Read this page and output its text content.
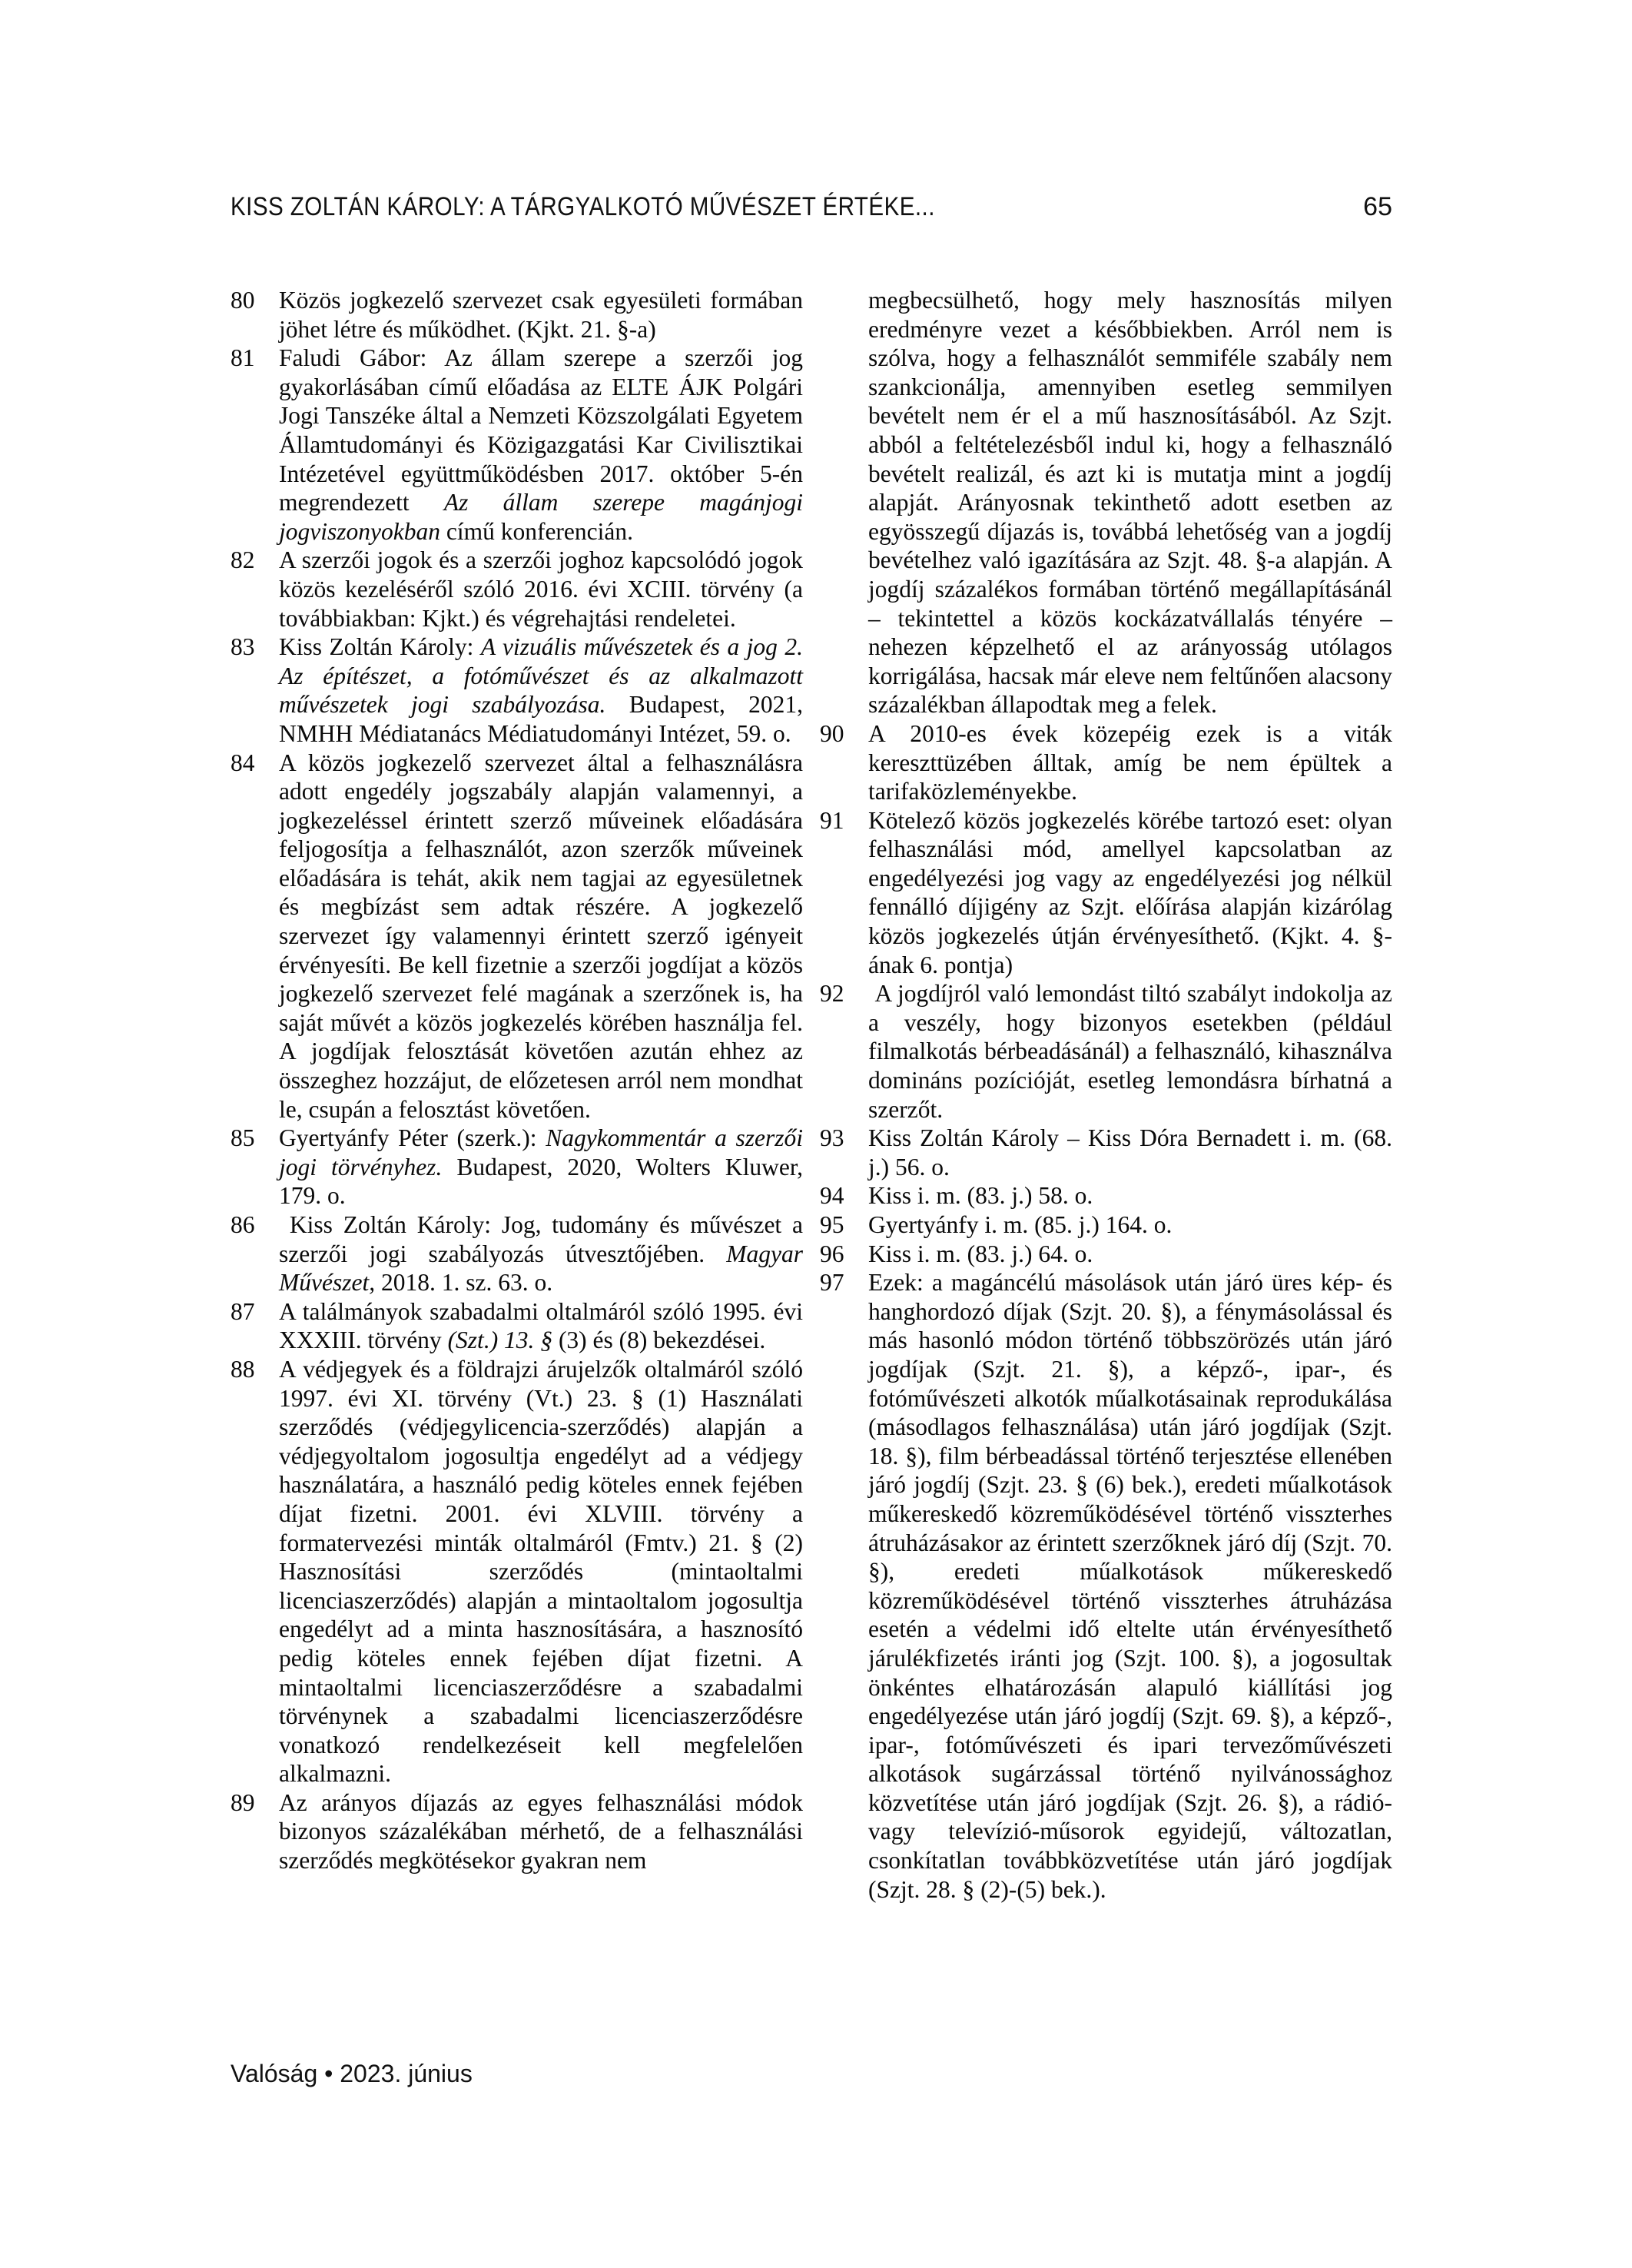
KISS ZOLTÁN KÁROLY: A TÁRGYALKOTÓ MŰVÉSZET ÉRTÉKE...	65
80 Közös jogkezelő szervezet csak egyesületi formában jöhet létre és működhet. (Kjkt. 21. §-a)
81 Faludi Gábor: Az állam szerepe a szerzői jog gyakorlásában című előadása az ELTE ÁJK Polgári Jogi Tanszéke által a Nemzeti Közszolgálati Egyetem Államtudományi és Közigazgatási Kar Civilisztikai Intézetével együttműködésben 2017. október 5-én megrendezett Az állam szerepe magánjogi jogviszonyokban című konferencián.
82 A szerzői jogok és a szerzői joghoz kapcsolódó jogok közös kezeléséről szóló 2016. évi XCIII. törvény (a továbbiakban: Kjkt.) és végrehajtási rendeletei.
83 Kiss Zoltán Károly: A vizuális művészetek és a jog 2. Az építészet, a fotóművészet és az alkalmazott művészetek jogi szabályozása. Budapest, 2021, NMHH Médiatanács Médiatudományi Intézet, 59. o.
84 A közös jogkezelő szervezet által a felhasználásra adott engedély jogszabály alapján valamennyi, a jogkezeléssel érintett szerző műveinek előadására feljogosítja a felhasználót, azon szerzők műveinek előadására is tehát, akik nem tagjai az egyesületnek és megbízást sem adtak részére. A jogkezelő szervezet így valamennyi érintett szerző igényeit érvényesíti. Be kell fizetnie a szerzői jogdíjat a közös jogkezelő szervezet felé magának a szerzőnek is, ha saját művét a közös jogkezelés körében használja fel. A jogdíjak felosztását követően azután ehhez az összeghez hozzájut, de előzetesen arról nem mondhat le, csupán a felosztást követően.
85 Gyertyánfy Péter (szerk.): Nagykommentár a szerzői jogi törvényhez. Budapest, 2020, Wolters Kluwer, 179. o.
86 Kiss Zoltán Károly: Jog, tudomány és művészet a szerzői jogi szabályozás útvesztőjében. Magyar Művészet, 2018. 1. sz. 63. o.
87 A találmányok szabadalmi oltalmáról szóló 1995. évi XXXIII. törvény (Szt.) 13. § (3) és (8) bekezdései.
88 A védjegyek és a földrajzi árujelzők oltalmáról szóló 1997. évi XI. törvény (Vt.) 23. § (1) Használati szerződés (védjegylicencia-szerződés) alapján a védjegyoltalom jogosultja engedélyt ad a védjegy használatára, a használó pedig köteles ennek fejében díjat fizetni. 2001. évi XLVIII. törvény a formatervezési minták oltalmáról (Fmtv.) 21. § (2) Hasznosítási szerződés (mintaoltalmi licenciaszerződés) alapján a mintaoltalom jogosultja engedélyt ad a minta hasznosítására, a hasznosító pedig köteles ennek fejében díjat fizetni. A mintaoltalmi licenciaszerződésre a szabadalmi törvénynek a szabadalmi licenciaszerződésre vonatkozó rendelkezéseit kell megfelelően alkalmazni.
89 Az arányos díjazás az egyes felhasználási módok bizonyos százalékában mérhető, de a felhasználási szerződés megkötésekor gyakran nem
megbecsülhető, hogy mely hasznosítás milyen eredményre vezet a későbbiekben. Arról nem is szólva, hogy a felhasználót semmiféle szabály nem szankcionálja, amennyiben esetleg semmilyen bevételt nem ér el a mű hasznosításából. Az Szjt. abból a feltételezésből indul ki, hogy a felhasználó bevételt realizál, és azt ki is mutatja mint a jogdíj alapját. Arányosnak tekinthető adott esetben az egyösszegű díjazás is, továbbá lehetőség van a jogdíj bevételhez való igazítására az Szjt. 48. §-a alapján. A jogdíj százalékos formában történő megállapításánál – tekintettel a közös kockázatvállalás tényére – nehezen képzelhető el az arányosság utólagos korrigálása, hacsak már eleve nem feltűnően alacsony százalékban állapodtak meg a felek.
90 A 2010-es évek közepéig ezek is a viták kereszttüzében álltak, amíg be nem épültek a tarifaközleményekbe.
91 Kötelező közös jogkezelés körébe tartozó eset: olyan felhasználási mód, amellyel kapcsolatban az engedélyezési jog vagy az engedélyezési jog nélkül fennálló díjigény az Szjt. előírása alapján kizárólag közös jogkezelés útján érvényesíthető. (Kjkt. 4. §-ának 6. pontja)
92 A jogdíjról való lemondást tiltó szabályt indokolja az a veszély, hogy bizonyos esetekben (például filmalkotás bérbeadásánál) a felhasználó, kihasználva domináns pozícióját, esetleg lemondásra bírhatná a szerzőt.
93 Kiss Zoltán Károly – Kiss Dóra Bernadett i. m. (68. j.) 56. o.
94 Kiss i. m. (83. j.) 58. o.
95 Gyertyánfy i. m. (85. j.) 164. o.
96 Kiss i. m. (83. j.) 64. o.
97 Ezek: a magáncélú másolások után járó üres kép- és hanghordozó díjak (Szjt. 20. §), a fénymásolással és más hasonló módon történő többszörözés után járó jogdíjak (Szjt. 21. §), a képző-, ipar-, és fotóművészeti alkotók műalkotásainak reprodukálása (másodlagos felhasználása) után járó jogdíjak (Szjt. 18. §), film bérbeadással történő terjesztése ellenében járó jogdíj (Szjt. 23. § (6) bek.), eredeti műalkotások műkereskedő közreműködésével történő visszterhes átruházásakor az érintett szerzőknek járó díj (Szjt. 70. §), eredeti műalkotások műkereskedő közreműködésével történő visszterhes átruházása esetén a védelmi idő eltelte után érvényesíthető járulékfizetés iránti jog (Szjt. 100. §), a jogosultak önkéntes elhatározásán alapuló kiállítási jog engedélyezése után járó jogdíj (Szjt. 69. §), a képző-, ipar-, fotóművészeti és ipari tervezőművészeti alkotások sugárzással történő nyilvánossághoz közvetítése után járó jogdíjak (Szjt. 26. §), a rádió- vagy televízió-műsorok egyidejű, változatlan, csonkítatlan továbbközvetítése után járó jogdíjak (Szjt. 28. § (2)-(5) bek.).
Valóság • 2023. június
